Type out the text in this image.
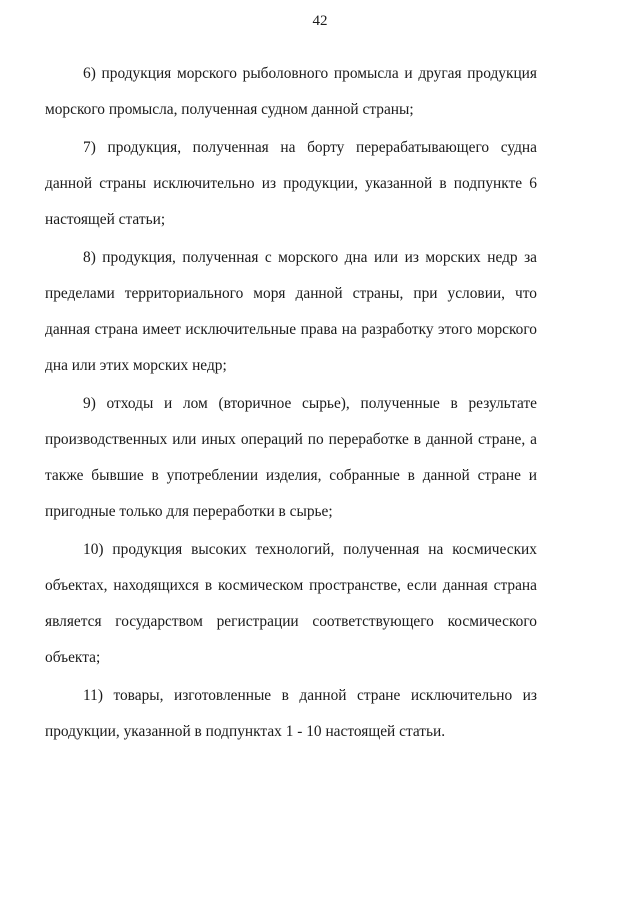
42

6) продукция морского рыболовного промысла и другая продукция морского промысла, полученная судном данной страны;

7) продукция, полученная на борту перерабатывающего судна данной страны исключительно из продукции, указанной в подпункте 6 настоящей статьи;

8) продукция, полученная с морского дна или из морских недр за пределами территориального моря данной страны, при условии, что данная страна имеет исключительные права на разработку этого морского дна или этих морских недр;

9) отходы и лом (вторичное сырье), полученные в результате производственных или иных операций по переработке в данной стране, а также бывшие в употреблении изделия, собранные в данной стране и пригодные только для переработки в сырье;

10) продукция высоких технологий, полученная на космических объектах, находящихся в космическом пространстве, если данная страна является государством регистрации соответствующего космического объекта;

11) товары, изготовленные в данной стране исключительно из продукции, указанной в подпунктах 1 - 10 настоящей статьи.
